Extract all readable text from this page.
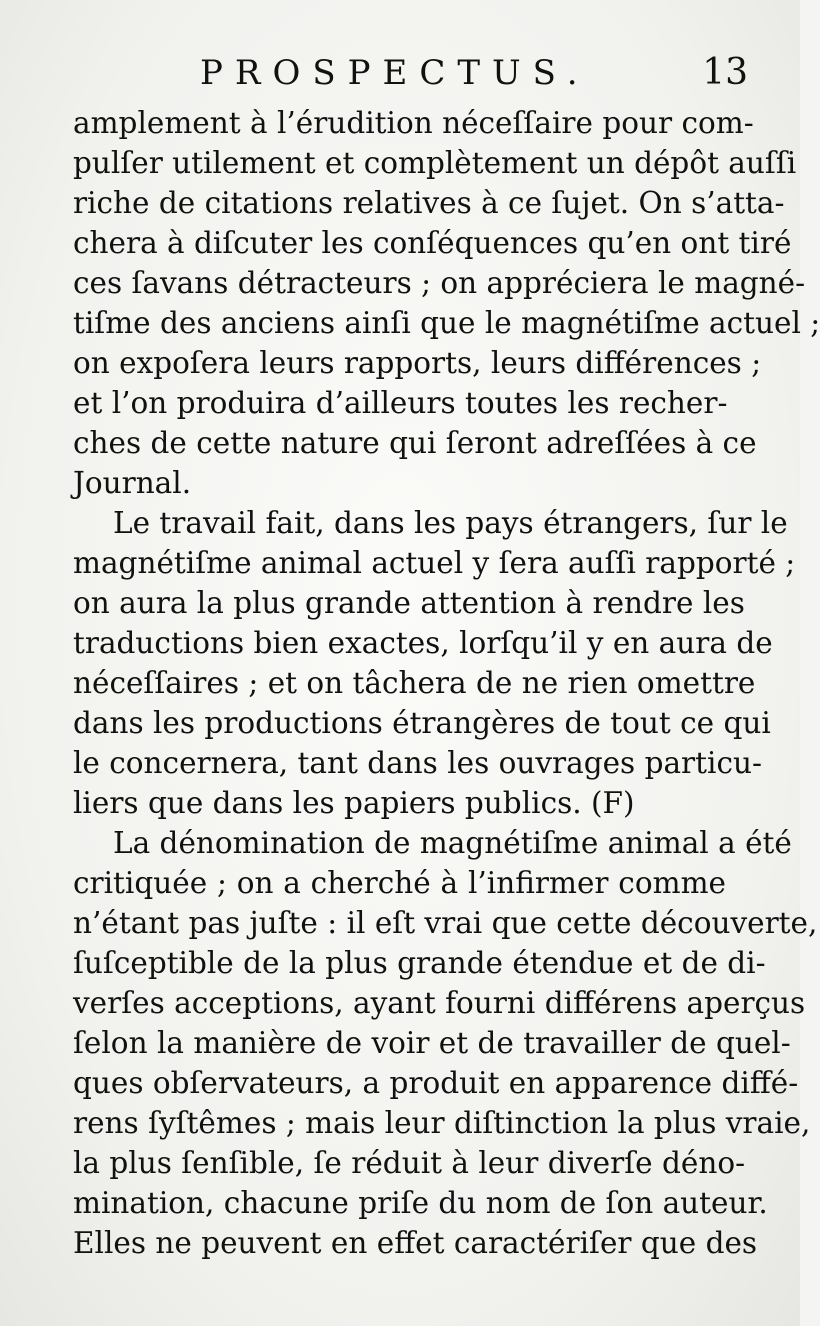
PROSPECTUS.	13
amplement à l’érudition néceſſaire pour com-
pulſer utilement et complètement un dépôt auſſi
riche de citations relatives à ce ſujet. On s’atta-
chera à diſcuter les conſéquences qu’en ont tiré
ces ſavans détracteurs ; on appréciera le magné-
tiſme des anciens ainſi que le magnétiſme actuel ;
on expoſera leurs rapports, leurs différences ;
et l’on produira d’ailleurs toutes les recher-
ches de cette nature qui ſeront adreſſées à ce
Journal.
Le travail fait, dans les pays étrangers, ſur le
magnétiſme animal actuel y ſera auſſi rapporté ;
on aura la plus grande attention à rendre les
traductions bien exactes, lorſqu’il y en aura de
néceſſaires ; et on tâchera de ne rien omettre
dans les productions étrangères de tout ce qui
le concernera, tant dans les ouvrages particu-
liers que dans les papiers publics. (F)
La dénomination de magnétiſme animal a été
critiquée ; on a cherché à l’infirmer comme
n’étant pas juſte : il eſt vrai que cette découverte,
ſuſceptible de la plus grande étendue et de di-
verſes acceptions, ayant fourni différens aperçus
ſelon la manière de voir et de travailler de quel-
ques obſervateurs, a produit en apparence diffé-
rens ſyſtêmes ; mais leur diſtinction la plus vraie,
la plus ſenſible, ſe réduit à leur diverſe déno-
mination, chacune priſe du nom de ſon auteur.
Elles ne peuvent en effet caractériſer que des
